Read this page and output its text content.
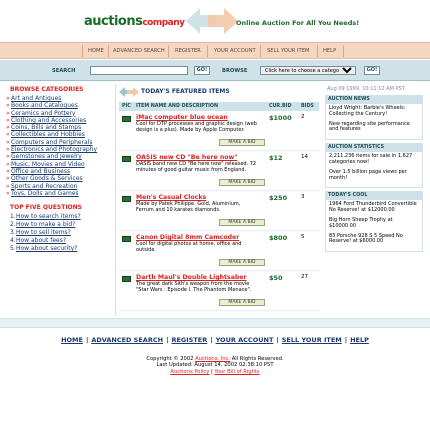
auctionscompany	Online Auction For All You Needs!
HOME ADVANCED SEARCH REGISTER	YOUR ACCOUNT SELL YOUR ITEM	HELP
SEARCH	GO!	BROWSE
Click here to choose a category	GO!
BROWSE CATEGORIES
» Art and Antiques
» Books and Catalogues
» Ceramics and Pottery
» Clothing and Accessories
» Coins, Bills and Stamps
» Collectibles and Hobbies
» Computers and Peripherals
» Electronics and Photography
» Gemstones and Jewelry
» Music, Movies and Video
» Office and Business
» Other Goods & Services
» Sports and Recreation
» Toys, Dolls and Games
TOP FIVE QUESTIONS
1. How to search items?
2. How to make a bid?
3. How to sell items?
4. How about fees?
5. How about security?
TODAY'S FEATURED ITEMS
PIC ITEM NAME AND DESCRIPTION	CUR.BID BIDS
iMac computer blue ocean
Cool for DTP processes and graphic design (web design is a plus). Made by Apple Computer.
$1000 2
MAKE A BID
OASIS new CD "Be here now"
OASIS band new CD "Be here now" released. 72 minutes of good guitar music from England.
$12	14
MAKE A BID
Men's Casual Clocks
Made by Patek Philippe. Gold, Aluminium, Ferrum and 10 karates diamonds.
$250	3
MAKE A BID
Canon Digital 8mm Camcoder
Cool for digital photos at home, office and outside.
$800	5
MAKE A BID
Darth Maul's Double Lightsaber
The great dark Sith's weapon from the movie "Star Wars : Episode I. The Phantom Menace".
$50	27
MAKE A BID
Aug 09 1999, 10:11:12 AM PST
AUCTION NEWS
Lloyd Wright: Barbie's Wheels: Collecting the Century!
New regarding site performance and features
AUCTION STATISTICS
2,211,236 items for sale in 1,627 categories now!
Over 1.5 billion page views per month!
TODAY'S COOL
1964 Ford Thunderbird Convertible No Reserve! at $12000.00
Big Horn Sheep Trophy at $10000.00
83 Porsche 928 S 5 Speed No Reserve! at $6000.00
HOME | ADVANCED SEARCH | REGISTER | YOUR ACCOUNT | SELL YOUR ITEM | HELP
Copyright © 2002 Auctions, Inc. All Rights Reserved.
Last Updated: August 14, 2002 02:38:10 PST
Auctions Policy | Your Bill of Rights
